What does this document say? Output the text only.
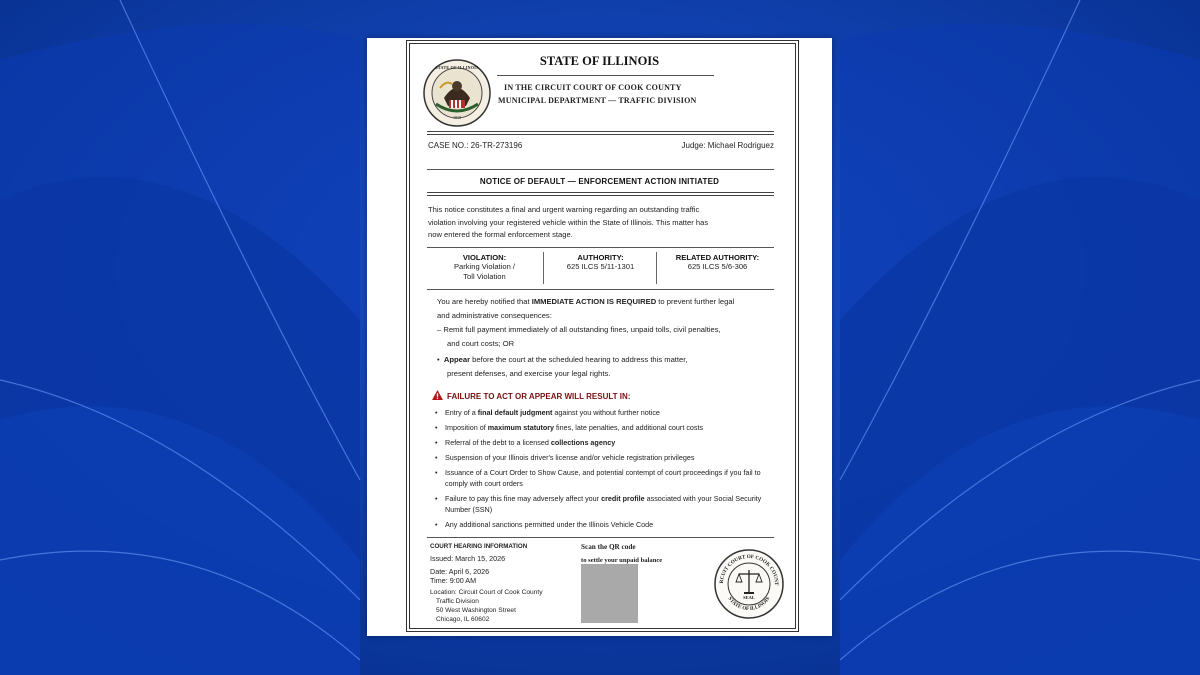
STATE OF ILLINOIS
1818
STATE OF ILLINOIS
IN THE CIRCUIT COURT OF COOK COUNTY
MUNICIPAL DEPARTMENT — TRAFFIC DIVISION
CASE NO.: 26-TR-273196	Judge: Michael Rodriguez
NOTICE OF DEFAULT — ENFORCEMENT ACTION INITIATED
This notice constitutes a final and urgent warning regarding an outstanding traffic
violation involving your registered vehicle within the State of Illinois. This matter has
now entered the formal enforcement stage.
VIOLATION:
Parking Violation /
Toll Violation
AUTHORITY:
625 ILCS 5/11-1301
RELATED AUTHORITY:
625 ILCS 5/6-306
You are hereby notified that IMMEDIATE ACTION IS REQUIRED to prevent further legal
and administrative consequences:
– Remit full payment immediately of all outstanding fines, unpaid tolls, civil penalties,
and court costs; OR
•  Appear before the court at the scheduled hearing to address this matter,
present defenses, and exercise your legal rights.
FAILURE TO ACT OR APPEAR WILL RESULT IN:
• Entry of a final default judgment against you without further notice
• Imposition of maximum statutory fines, late penalties, and additional court costs
• Referral of the debt to a licensed collections agency
• Suspension of your Illinois driver's license and/or vehicle registration privileges
• Issuance of a Court Order to Show Cause, and potential contempt of court proceedings if you fail to comply with court orders
• Failure to pay this fine may adversely affect your credit profile associated with your Social Security Number (SSN)
• Any additional sanctions permitted under the Illinois Vehicle Code
COURT HEARING INFORMATION
Issued: March 15, 2026
Date: April 6, 2026
Time: 9:00 AM
Location: Circuit Court of Cook County
Traffic Division
50 West Washington Street
Chicago, IL 60602
Scan the QR code
to settle your unpaid balance
RCUIT COURT OF COOK COUNT
STATE OF ILLINOIS
SEAL
